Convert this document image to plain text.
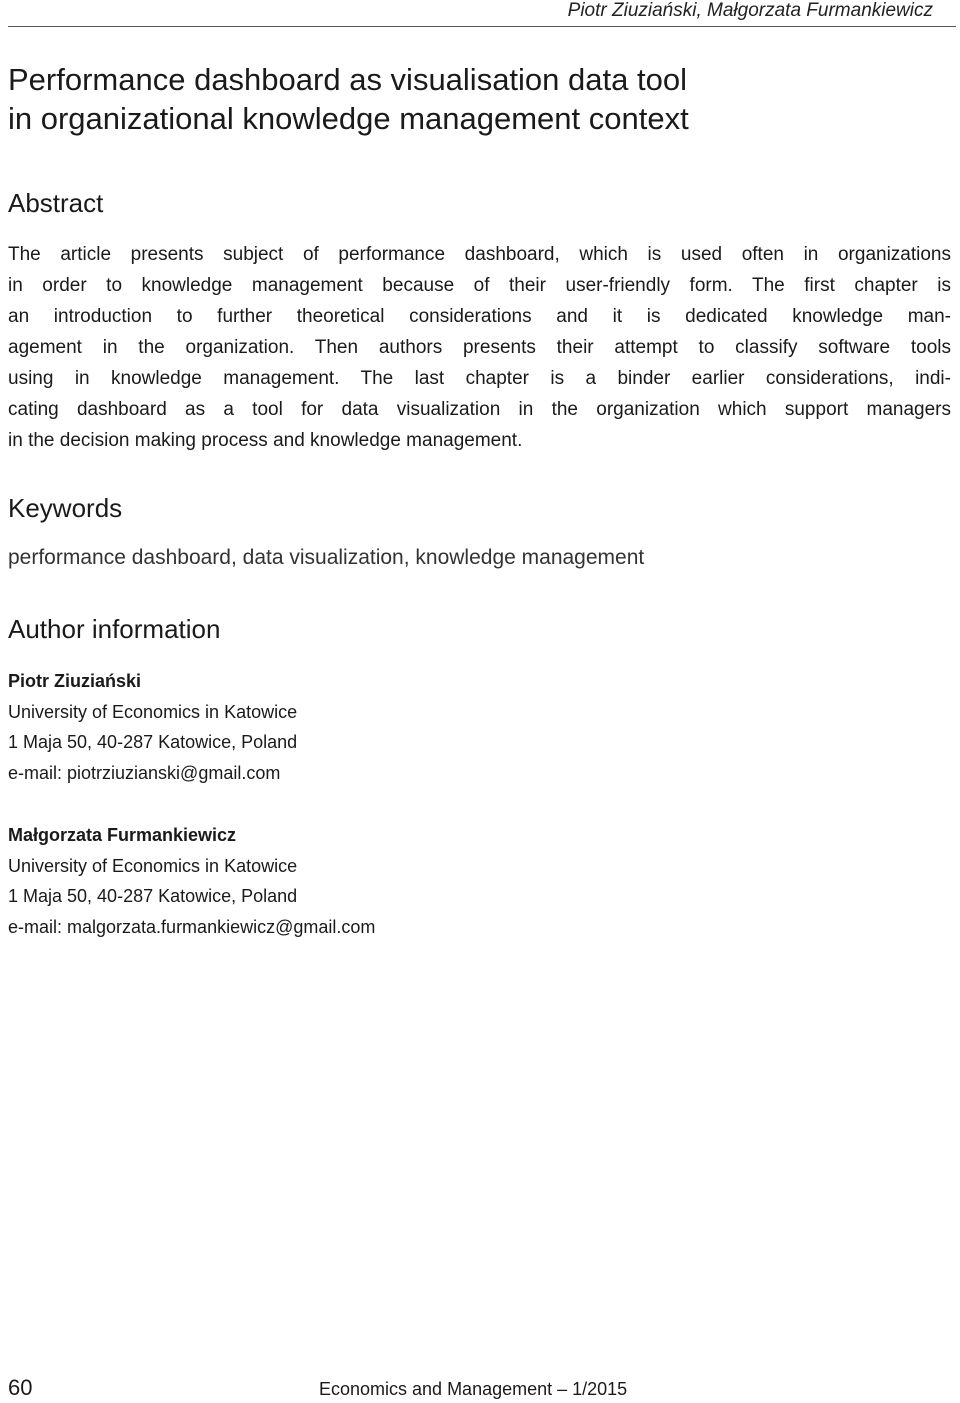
Piotr Ziuziański, Małgorzata Furmankiewicz
Performance dashboard as visualisation data tool
in organizational knowledge management context
Abstract
The article presents subject of performance dashboard, which is used often in organizations
in order to knowledge management because of their user-friendly form. The first chapter is
an introduction to further theoretical considerations and it is dedicated knowledge man-
agement in the organization. Then authors presents their attempt to classify software tools
using in knowledge management. The last chapter is a binder earlier considerations, indi-
cating dashboard as a tool for data visualization in the organization which support managers
in the decision making process and knowledge management.
Keywords

performance dashboard, data visualization, knowledge management

Author information
Piotr Ziuziański
University of Economics in Katowice
1 Maja 50, 40-287 Katowice, Poland
e-mail: piotrziuzianski@gmail.com
Małgorzata Furmankiewicz
University of Economics in Katowice
1 Maja 50, 40-287 Katowice, Poland
e-mail: malgorzata.furmankiewicz@gmail.com
60	Economics and Management – 1/2015
